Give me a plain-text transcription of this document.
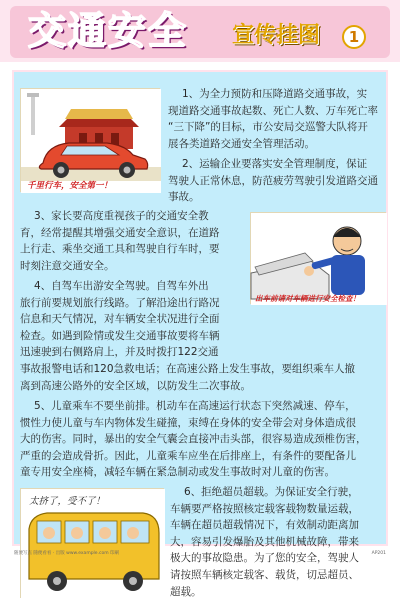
交通安全 宣传挂图	1
千里行车，安全第一！
1、为全力预防和压降道路交通事故，实
现道路交通事故起数、死亡人数、万车死亡率
“三下降”的目标，市公安局交巡警大队将开
展各类道路交通安全管理活动。
2、运输企业要落实安全管理制度，保证
驾驶人正常休息，防范疲劳驾驶引发道路交通
事故。
3、家长要高度重视孩子的交通安全教
育，经常提醒其增强交通安全意识，在道路
上行走、乘坐交通工具和驾驶自行车时，要
时刻注意交通安全。
出车前请对车辆进行安全检查！
4、自驾车出游安全驾驶。自驾车外出
旅行前要规划旅行线路。了解沿途出行路况
信息和天气情况，对车辆安全状况进行全面
检查。如遇到险情或发生交通事故要将车辆
迅速驶到右侧路肩上，并及时拨打122交通
事故报警电话和120急救电话；在高速公路上发生事故，要组织乘车人撤
离到高速公路外的安全区域，以防发生二次事故。
5、儿童乘车不要坐前排。机动车在高速运行状态下突然减速、停车，
惯性力使儿童与车内物体发生碰撞，束缚在身体的安全带会对身体造成很
大的伤害。同时，暴出的安全气囊会直接冲击头部，很容易造成颈椎伤害，
严重的会造成骨折。因此，儿童乘车应坐在后排座上，有条件的要配备儿
童专用安全座椅，减轻车辆在紧急制动或发生事故时对儿童的伤害。
太挤了，受不了！
6、拒绝超员超载。为保证安全行驶，
车辆要严格按照核定载客载物数量运载，
车辆在超员超载情况下，有效制动距离加
大，容易引发爆胎及其他机械故障，带来
极大的事故隐患。为了您的安全，驾驶人
请按照车辆核定载客、载货，切忌超员、
超载。
随便写点 随便看看 · 出版 www.example.com 印刷	AP201
